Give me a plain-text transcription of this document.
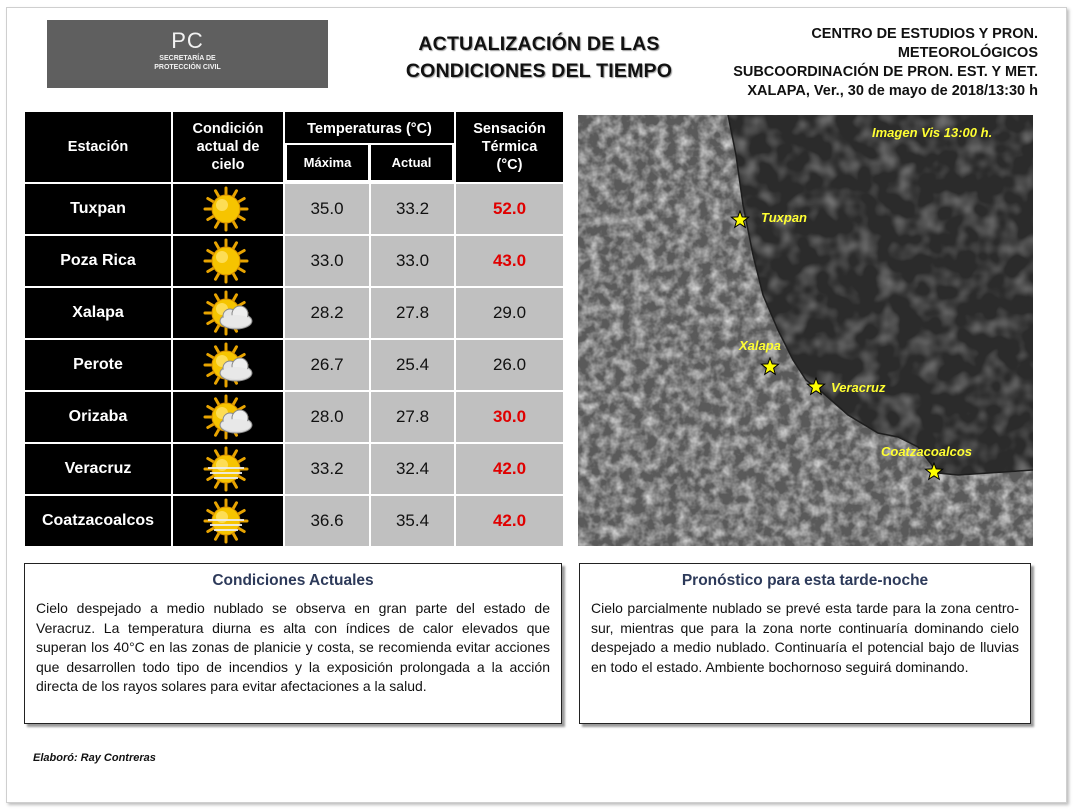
PC
SECRETARÍA DE
PROTECCIÓN CIVIL
ACTUALIZACIÓN DE LAS
CONDICIONES DEL TIEMPO
CENTRO DE ESTUDIOS Y PRON.
METEOROLÓGICOS
SUBCOORDINACIÓN DE PRON. EST. Y MET.
XALAPA, Ver., 30 de mayo de 2018/13:30 h
Estación
Condición
actual de
cielo
Temperaturas (°C)
Máxima	Actual
Sensación
Térmica
(°C)
Tuxpan	35.0	33.2	52.0
Poza Rica	33.0	33.0	43.0
Xalapa	28.2	27.8	29.0
Perote	26.7	25.4	26.0
Orizaba	28.0	27.8	30.0
Veracruz	33.2	32.4	42.0
Coatzacoalcos	36.6	35.4	42.0
Imagen Vis 13:00 h.
Tuxpan
Xalapa
Veracruz
Coatzacoalcos
Condiciones Actuales

Cielo despejado a medio nublado se observa en gran parte del estado de Veracruz. La temperatura diurna es alta con índices de calor elevados que superan los 40°C en las zonas de planicie y costa, se recomienda evitar acciones que desarrollen todo tipo de incendios y la exposición prolongada a la acción directa de los rayos solares para evitar afectaciones a la salud.

Pronóstico para esta tarde-noche

Cielo parcialmente nublado se prevé esta tarde para la zona centro-sur, mientras que para la zona norte continuaría dominando cielo despejado a medio nublado. Continuaría el potencial bajo de lluvias en todo el estado. Ambiente bochornoso seguirá dominando.

Elaboró: Ray Contreras
